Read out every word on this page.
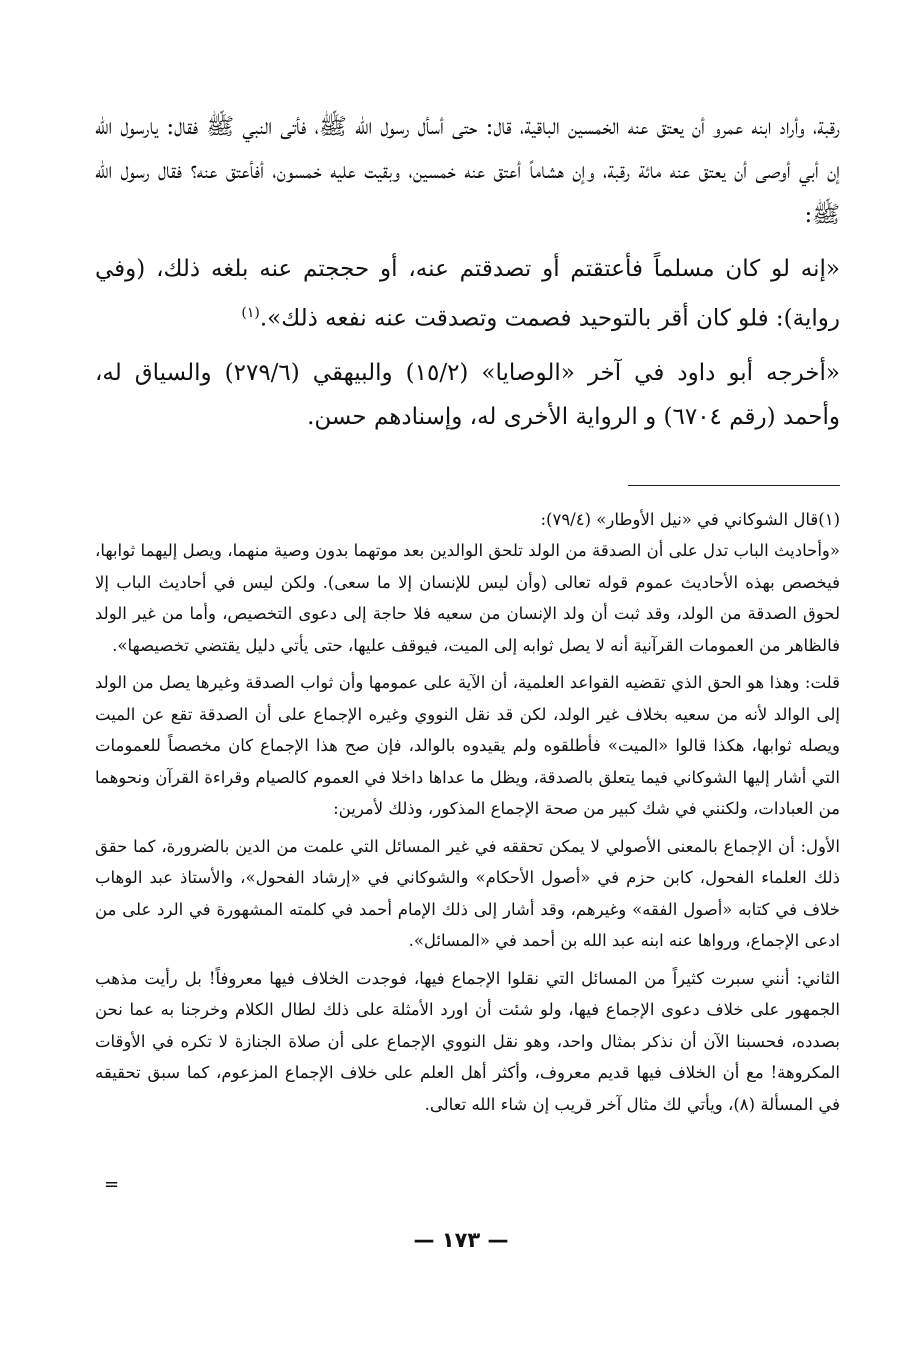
رقبة، وأراد ابنه عمرو أن يعتق عنه الخمسين الباقية، قال: حتى أسأل رسول الله ﷺ، فأتى النبي ﷺ فقال: يارسول الله إن أبي أوصى أن يعتق عنه مائة رقبة، وإن هشاماً أعتق عنه خمسين، وبقيت عليه خمسون، أفأعتق عنه؟ فقال رسول الله ﷺ:

«إنه لو كان مسلماً فأعتقتم أو تصدقتم عنه، أو حججتم عنه بلغه ذلك، (وفي رواية): فلو كان أقر بالتوحيد فصمت وتصدقت عنه نفعه ذلك».$^{(١)}$

«أخرجه أبو داود في آخر «الوصايا» (١٥/٢) والبيهقي (٢٧٩/٦) والسياق له، وأحمد (رقم ٦٧٠٤) و الرواية الأخرى له، وإسنادهم حسن.

(١)قال الشوكاني في «نيل الأوطار» (٧٩/٤):

«وأحاديث الباب تدل على أن الصدقة من الولد تلحق الوالدين بعد موتهما بدون وصية منهما، ويصل إليهما ثوابها، فيخصص بهذه الأحاديث عموم قوله تعالى (وأن ليس للإنسان إلا ما سعى). ولكن ليس في أحاديث الباب إلا لحوق الصدقة من الولد، وقد ثبت أن ولد الإنسان من سعيه فلا حاجة إلى دعوى التخصيص، وأما من غير الولد فالظاهر من العمومات القرآنية أنه لا يصل ثوابه إلى الميت، فيوقف عليها، حتى يأتي دليل يقتضي تخصيصها».

قلت: وهذا هو الحق الذي تقضيه القواعد العلمية، أن الآية على عمومها وأن ثواب الصدقة وغيرها يصل من الولد إلى الوالد لأنه من سعيه بخلاف غير الولد، لكن قد نقل النووي وغيره الإجماع على أن الصدقة تقع عن الميت ويصله ثوابها، هكذا قالوا «الميت» فأطلقوه ولم يقيدوه بالوالد، فإن صح هذا الإجماع كان مخصصاً للعمومات التي أشار إليها الشوكاني فيما يتعلق بالصدقة، ويظل ما عداها داخلا في العموم كالصيام وقراءة القرآن ونحوهما من العبادات، ولكنني في شك كبير من صحة الإجماع المذكور، وذلك لأمرين:

الأول: أن الإجماع بالمعنى الأصولي لا يمكن تحققه في غير المسائل التي علمت من الدين بالضرورة، كما حقق ذلك العلماء الفحول، كابن حزم في «أصول الأحكام» والشوكاني في «إرشاد الفحول»، والأستاذ عبد الوهاب خلاف في كتابه «أصول الفقه» وغيرهم، وقد أشار إلى ذلك الإمام أحمد في كلمته المشهورة في الرد على من ادعى الإجماع، ورواها عنه ابنه عبد الله بن أحمد في «المسائل».

الثاني: أنني سبرت كثيراً من المسائل التي نقلوا الإجماع فيها، فوجدت الخلاف فيها معروفاً! بل رأيت مذهب الجمهور على خلاف دعوى الإجماع فيها، ولو شئت أن اورد الأمثلة على ذلك لطال الكلام وخرجنا به عما نحن بصدده، فحسبنا الآن أن نذكر بمثال واحد، وهو نقل النووي الإجماع على أن صلاة الجنازة لا تكره في الأوقات المكروهة! مع أن الخلاف فيها قديم معروف، وأكثر أهل العلم على خلاف الإجماع المزعوم، كما سبق تحقيقه في المسألة (٨)، ويأتي لك مثال آخر قريب إن شاء الله تعالى.

=
— ١٧٣ —
